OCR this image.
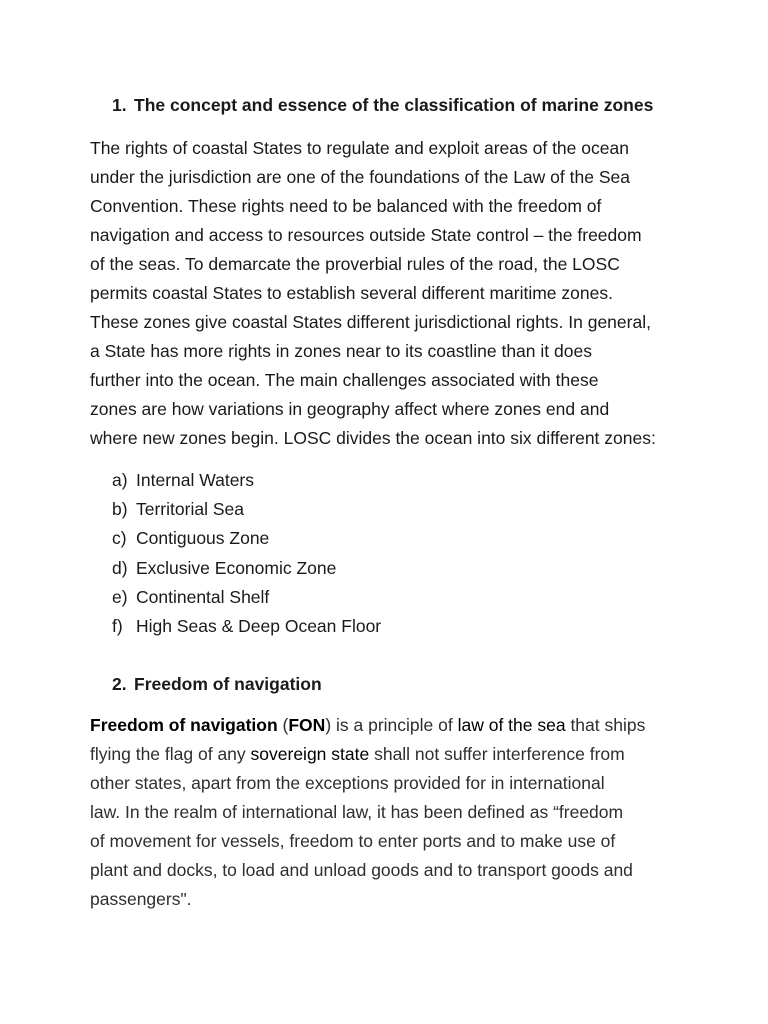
1. The concept and essence of the classification of marine zones
The rights of coastal States to regulate and exploit areas of the ocean
under the jurisdiction are one of the foundations of the Law of the Sea
Convention. These rights need to be balanced with the freedom of
navigation and access to resources outside State control – the freedom
of the seas. To demarcate the proverbial rules of the road, the LOSC
permits coastal States to establish several different maritime zones.
These zones give coastal States different jurisdictional rights. In general,
a State has more rights in zones near to its coastline than it does
further into the ocean. The main challenges associated with these
zones are how variations in geography affect where zones end and
where new zones begin. LOSC divides the ocean into six different zones:
a) Internal Waters
b) Territorial Sea
c) Contiguous Zone
d) Exclusive Economic Zone
e) Continental Shelf
f) High Seas & Deep Ocean Floor
2. Freedom of navigation
Freedom of navigation (FON) is a principle of law of the sea that ships
flying the flag of any sovereign state shall not suffer interference from
other states, apart from the exceptions provided for in international
law. In the realm of international law, it has been defined as “freedom
of movement for vessels, freedom to enter ports and to make use of
plant and docks, to load and unload goods and to transport goods and
passengers".
